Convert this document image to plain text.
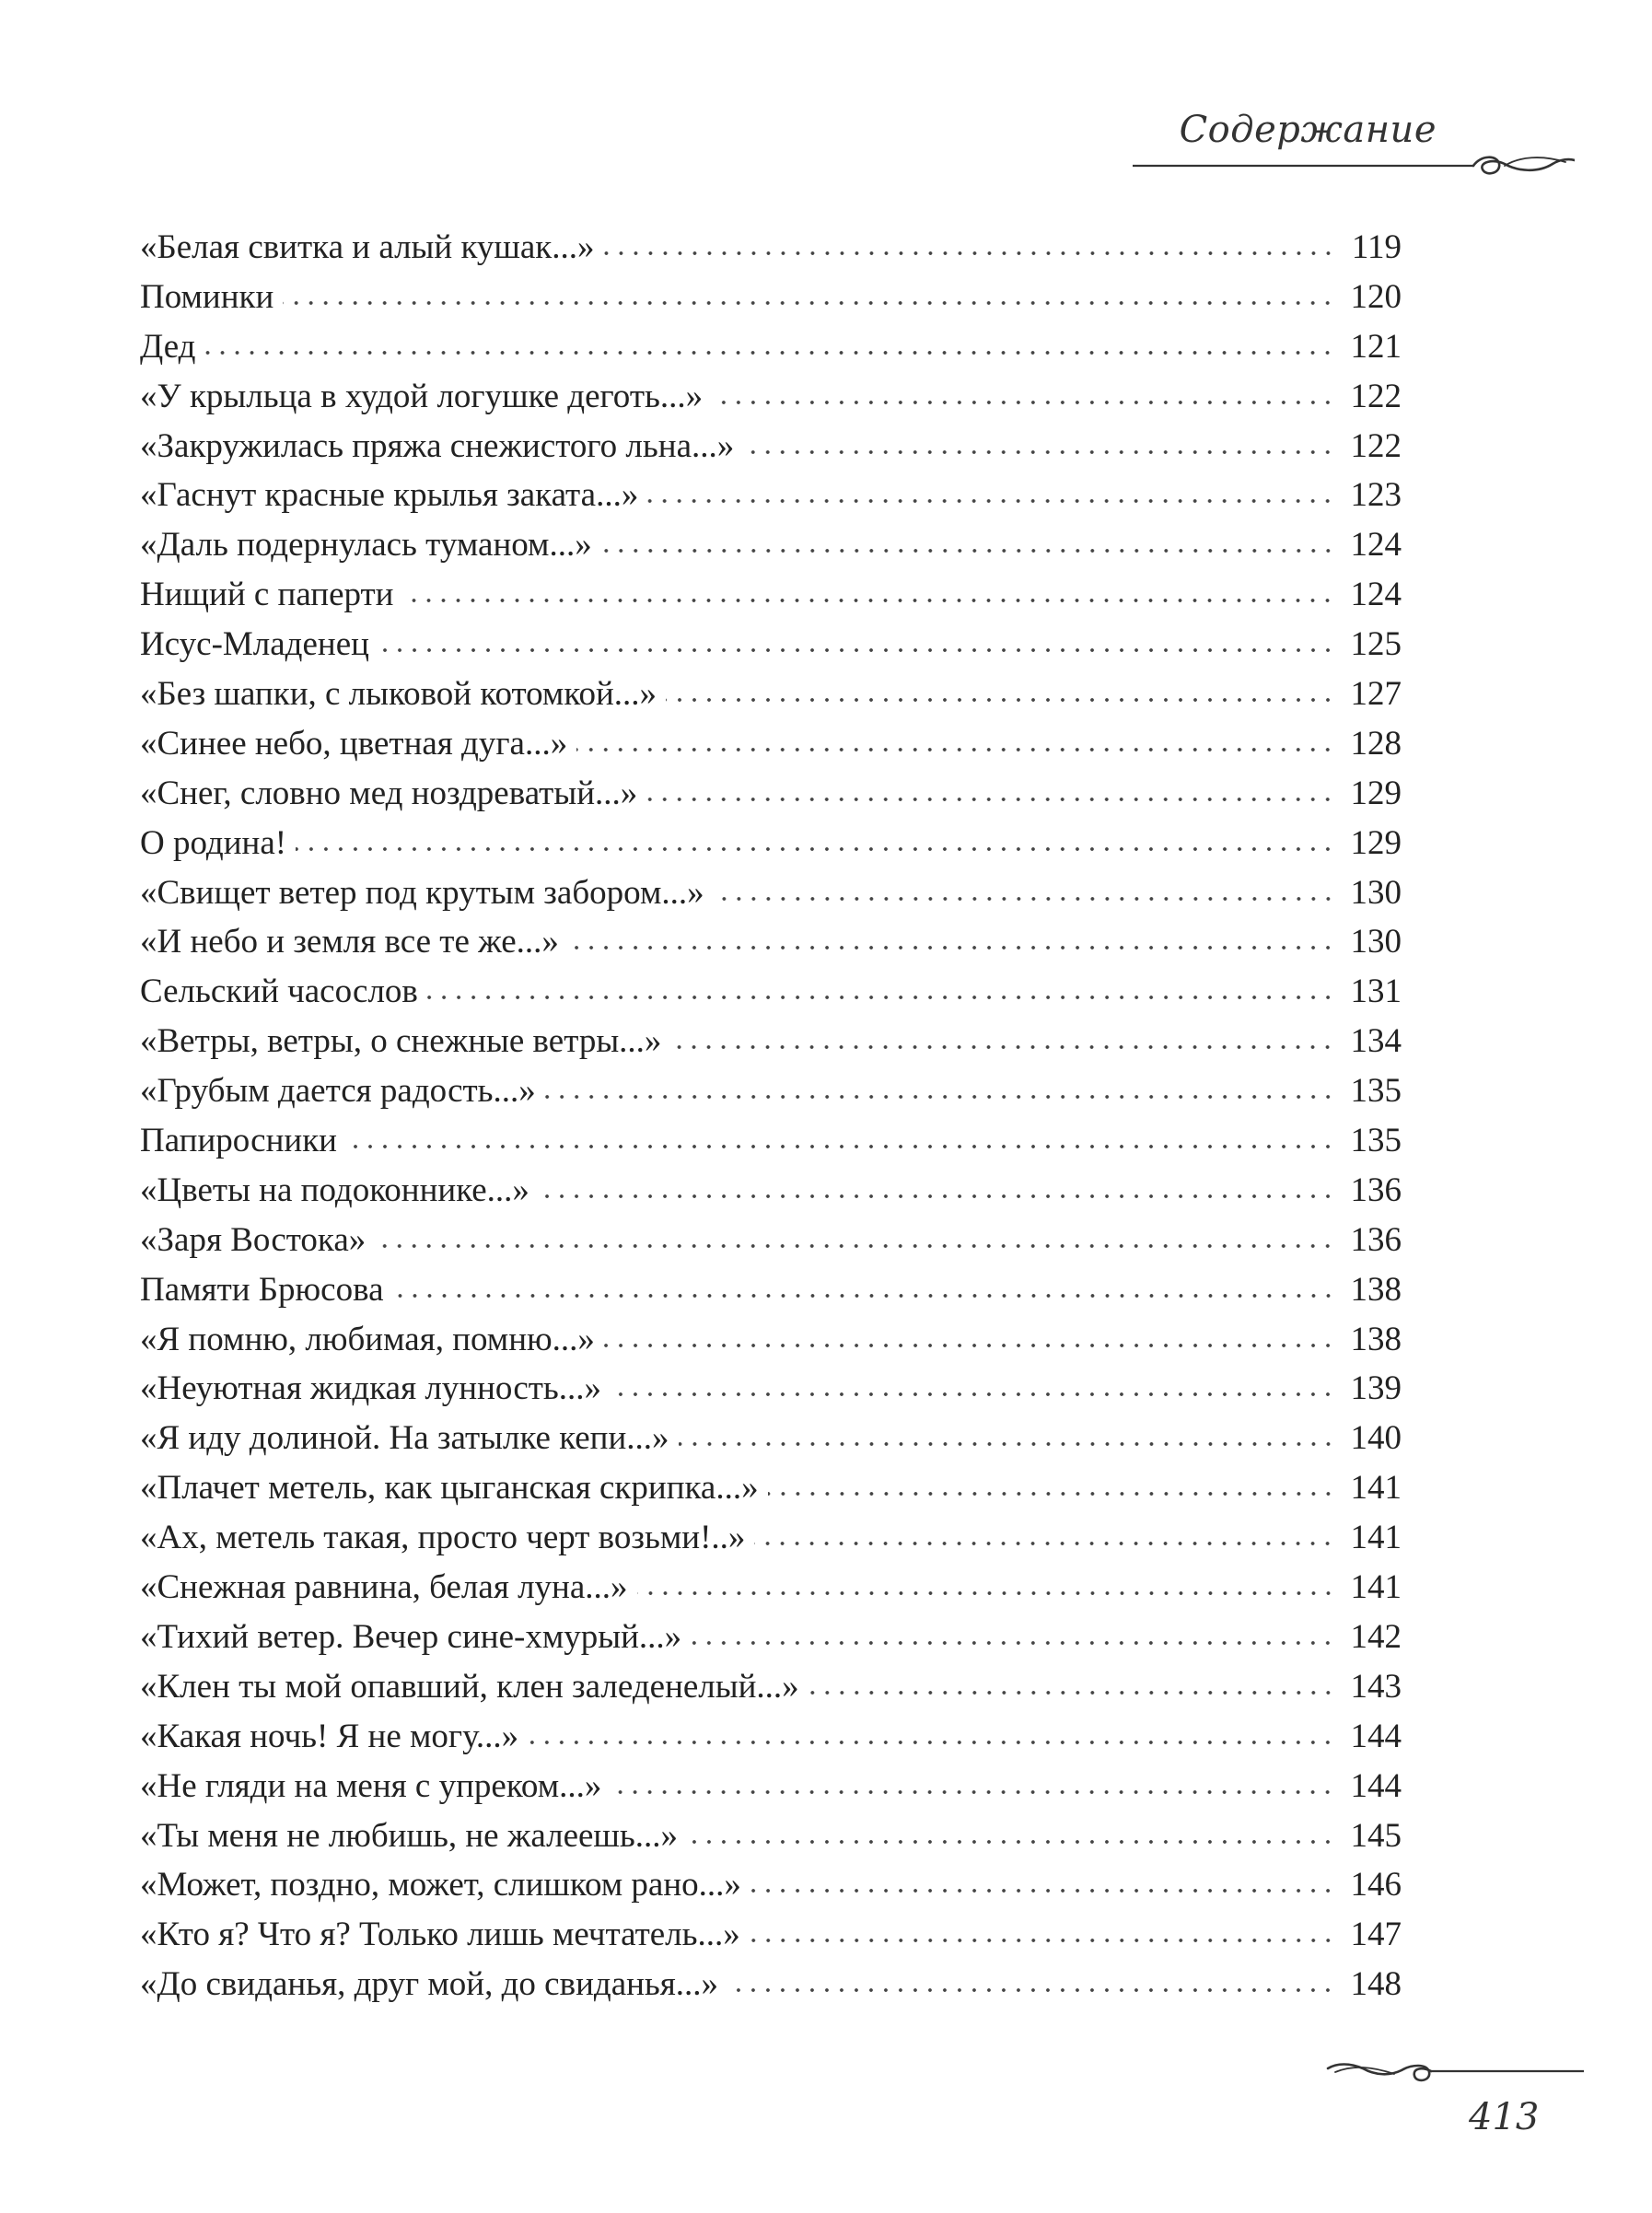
Содержание
«Белая свитка и алый кушак...»	119
Поминки	120
Дед	121
«У крыльца в худой логушке деготь...»	122
«Закружилась пряжа снежистого льна...»	122
«Гаснут красные крылья заката...»	123
«Даль подернулась туманом...»	124
Нищий с паперти	124
Исус-Младенец	125
«Без шапки, с лыковой котомкой...»	127
«Синее небо, цветная дуга...»	128
«Снег, словно мед ноздреватый...»	129
О родина!	129
«Свищет ветер под крутым забором...»	130
«И небо и земля все те же...»	130
Сельский часослов	131
«Ветры, ветры, о снежные ветры...»	134
«Грубым дается радость...»	135
Папиросники	135
«Цветы на подоконнике...»	136
«Заря Востока»	136
Памяти Брюсова	138
«Я помню, любимая, помню...»	138
«Неуютная жидкая лунность...»	139
«Я иду долиной. На затылке кепи...»	140
«Плачет метель, как цыганская скрипка...»	141
«Ах, метель такая, просто черт возьми!..»	141
«Снежная равнина, белая луна...»	141
«Тихий ветер. Вечер сине-хмурый...»	142
«Клен ты мой опавший, клен заледенелый...»	143
«Какая ночь! Я не могу...»	144
«Не гляди на меня с упреком...»	144
«Ты меня не любишь, не жалеешь...»	145
«Может, поздно, может, слишком рано...»	146
«Кто я? Что я? Только лишь мечтатель...»	147
«До свиданья, друг мой, до свиданья...»	148
413
